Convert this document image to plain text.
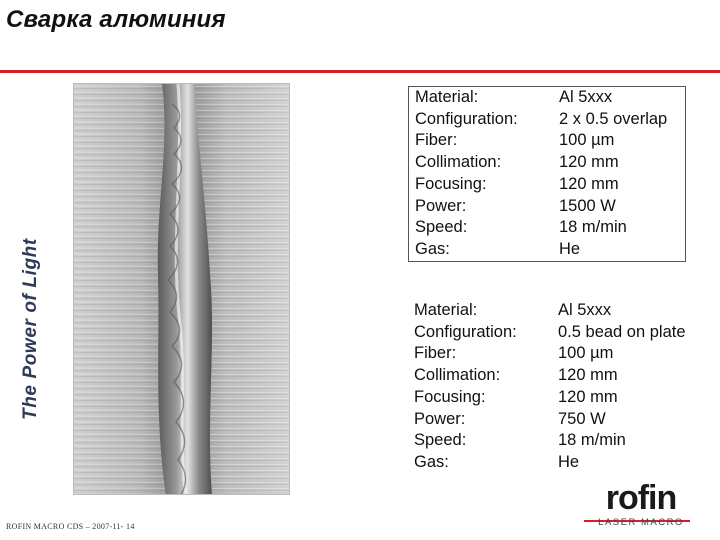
Сварка алюминия
The Power of Light
Material:	Al 5xxx
Configuration:	2 x 0.5 overlap
Fiber:	100 µm
Collimation:	120 mm
Focusing:	120 mm
Power:	1500 W
Speed:	18 m/min
Gas:	He
Material:	Al 5xxx
Configuration:	0.5 bead on plate
Fiber:	100 µm
Collimation:	120 mm
Focusing:	120 mm
Power:	750 W
Speed:	18 m/min
Gas:	He
ROFIN MACRO CDS – 2007-11- 14
rofin
LASER MACRO
